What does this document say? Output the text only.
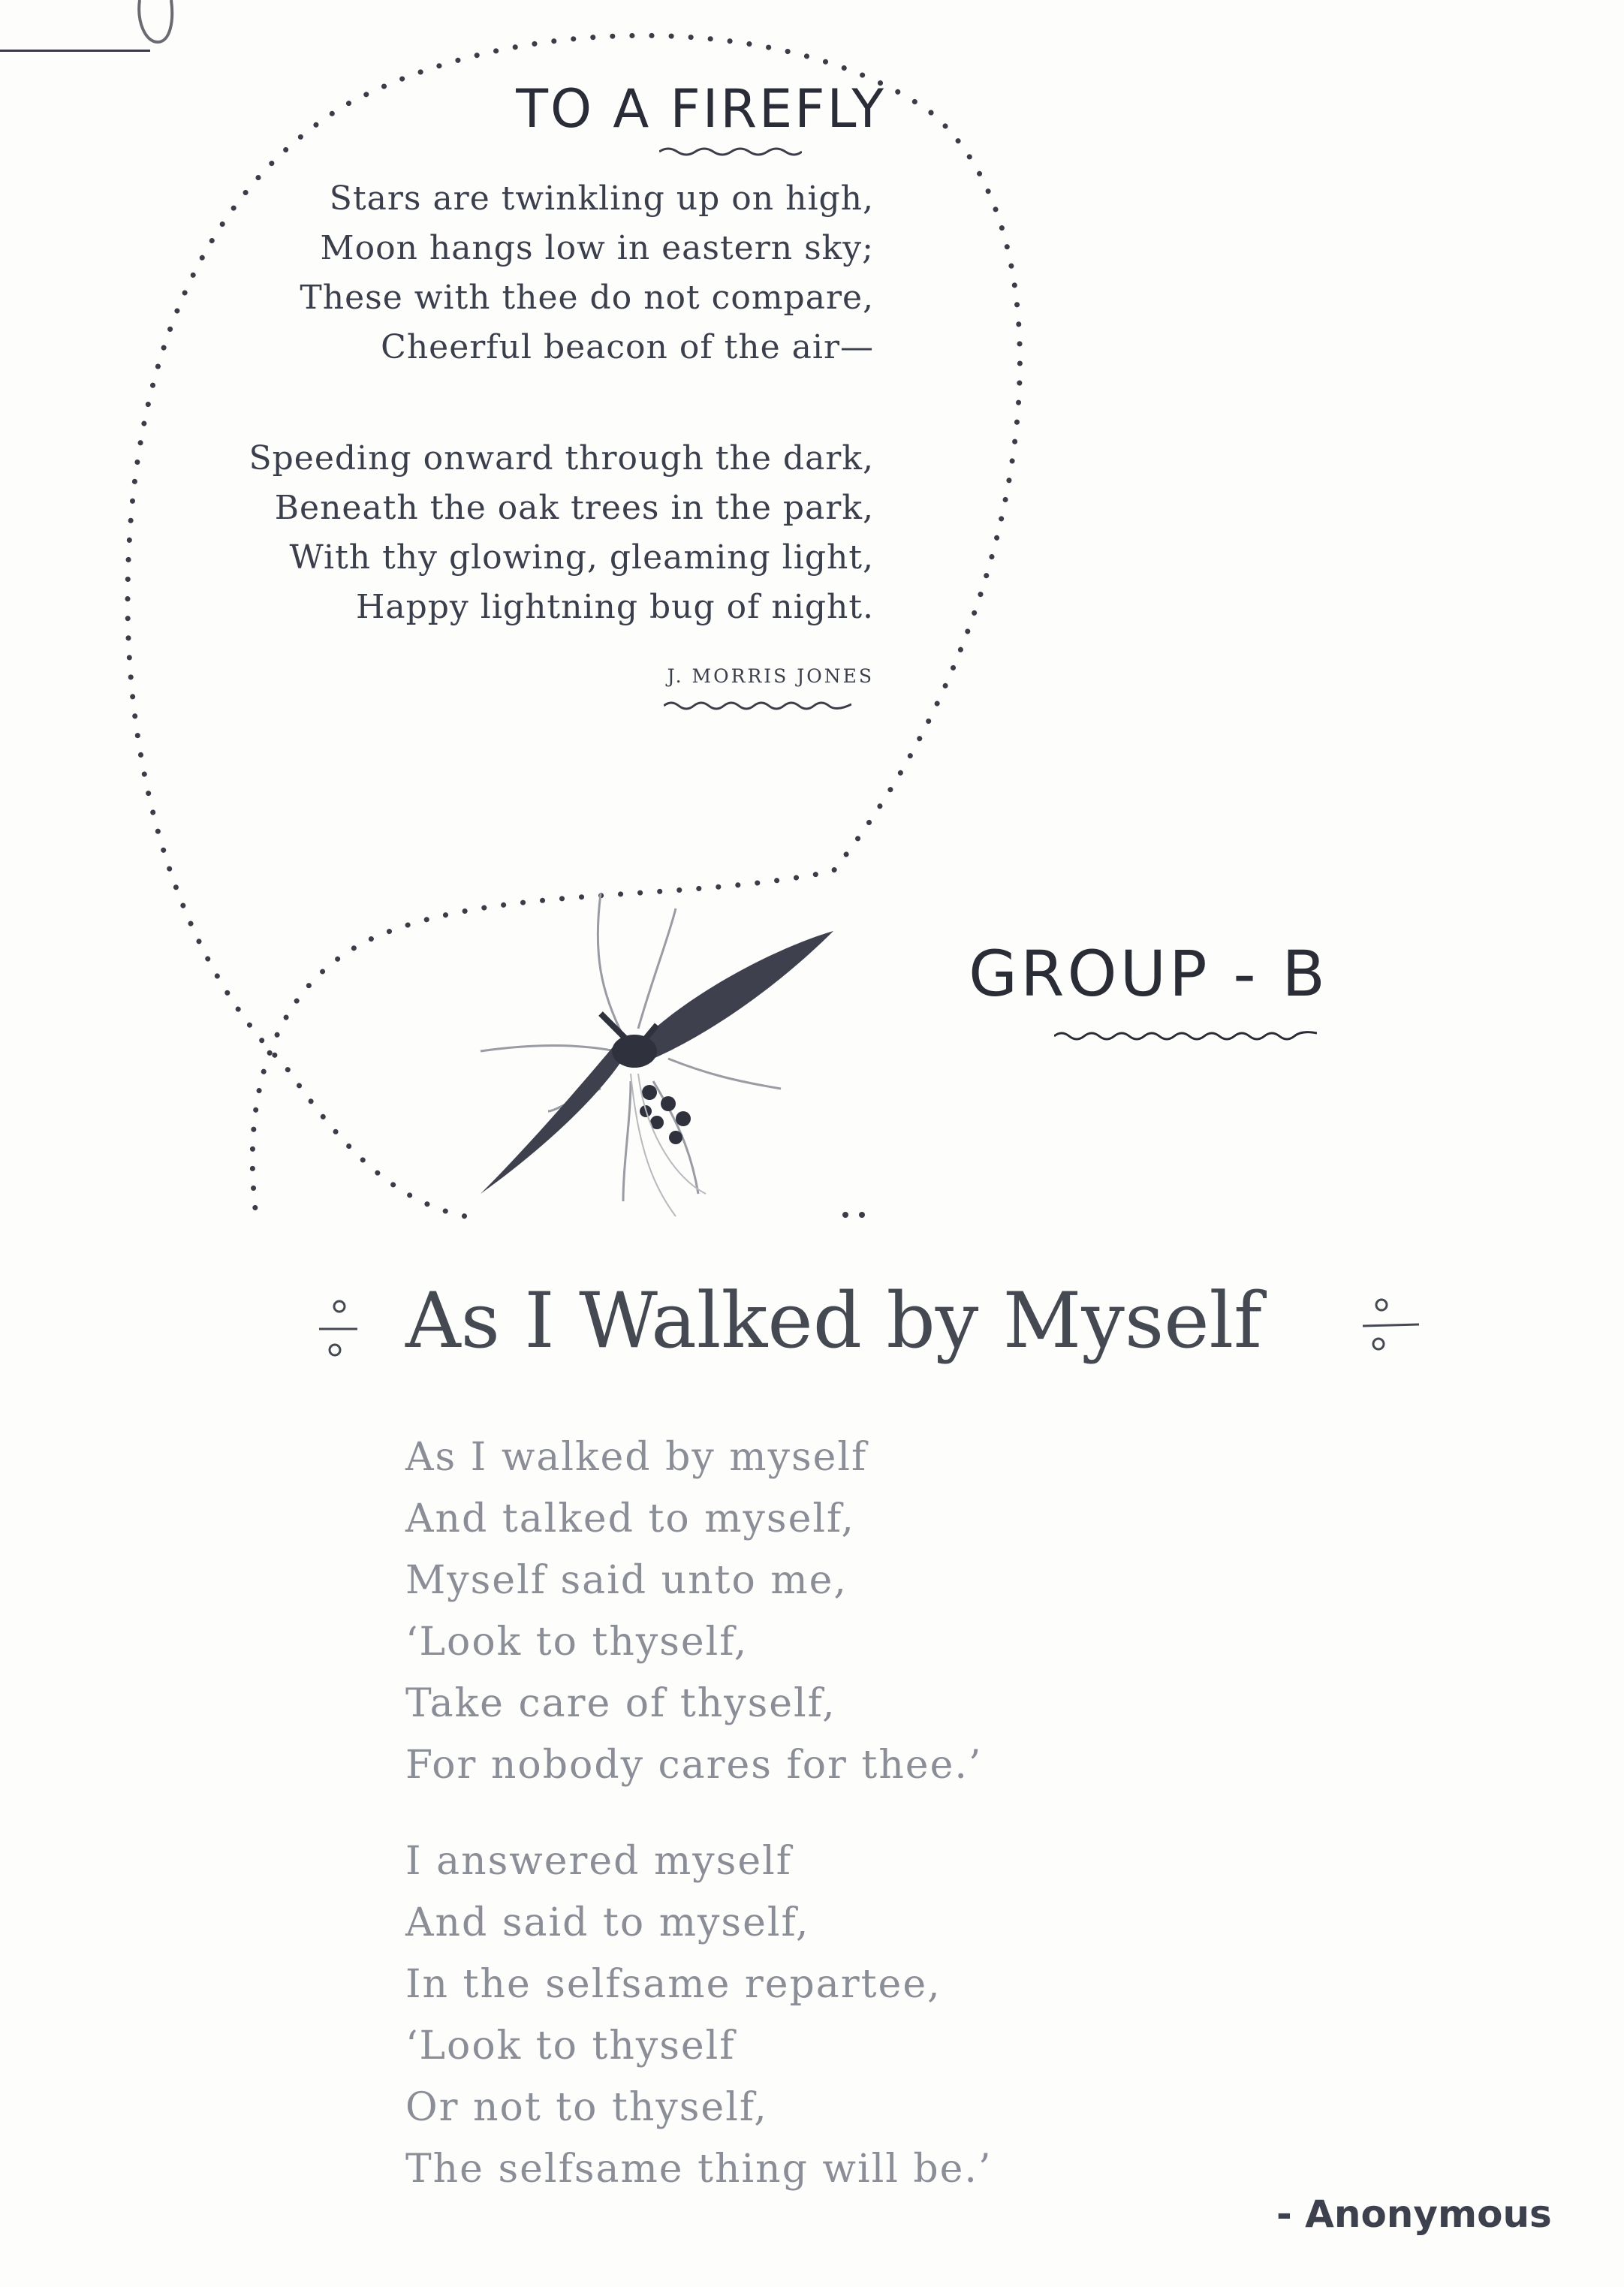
TO A FIREFLY
Stars are twinkling up on high,
Moon hangs low in eastern sky;
These with thee do not compare,
Cheerful beacon of the air—
Speeding onward through the dark,
Beneath the oak trees in the park,
With thy glowing, gleaming light,
Happy lightning bug of night.
J. MORRIS JONES
GROUP - B
As I Walked by Myself
As I walked by myself
And talked to myself,
Myself said unto me,
‘Look to thyself,
Take care of thyself,
For nobody cares for thee.’
I answered myself
And said to myself,
In the selfsame repartee,
‘Look to thyself
Or not to thyself,
The selfsame thing will be.’
- Anonymous
